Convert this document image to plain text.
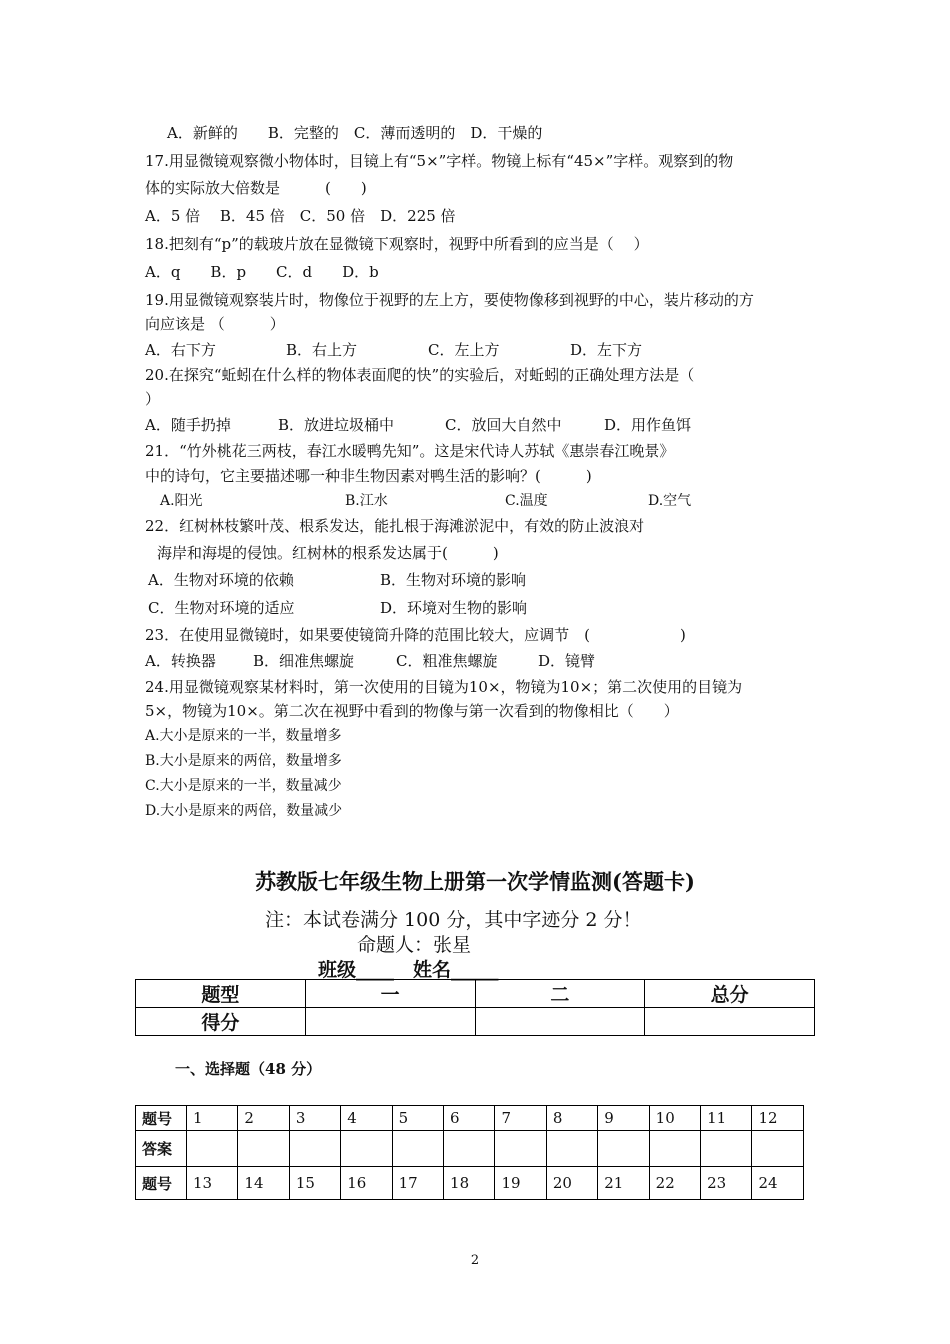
A．新鲜的　　B．完整的　C．薄而透明的　D．干燥的
17.用显微镜观察微小物体时，目镜上有“5×”字样。物镜上标有“45×”字样。观察到的物
体的实际放大倍数是　　　(　　)
A．5 倍　 B．45 倍　C．50 倍　D．225 倍
18.把刻有“p”的载玻片放在显微镜下观察时，视野中所看到的应当是（　 ）
A．q　　B．p　　C．d　　D．b
19.用显微镜观察装片时，物像位于视野的左上方，要使物像移到视野的中心，装片移动的方
向应该是 （　　　）
A．右下方	B．右上方	C．左上方	D．左下方
20.在探究“蚯蚓在什么样的物体表面爬的快”的实验后，对蚯蚓的正确处理方法是（
）
A．随手扔掉	B．放进垃圾桶中	C．放回大自然中	D．用作鱼饵
21．“竹外桃花三两枝，春江水暖鸭先知”。这是宋代诗人苏轼《惠崇春江晚景》
中的诗句，它主要描述哪一种非生物因素对鸭生活的影响？(　　　)
A.阳光	B.江水	C.温度	D.空气
22．红树林枝繁叶茂、根系发达，能扎根于海滩淤泥中，有效的防止波浪对
海岸和海堤的侵蚀。红树林的根系发达属于(　　　)
A．生物对环境的依赖	B．生物对环境的影响
C．生物对环境的适应	D．环境对生物的影响
23．在使用显微镜时，如果要使镜筒升降的范围比较大，应调节　(　　　　　　)
A．转换器 B．细准焦螺旋	C．粗准焦螺旋	D．镜臂
24.用显微镜观察某材料时，第一次使用的目镜为10×，物镜为10×；第二次使用的目镜为
5×，物镜为10×。第二次在视野中看到的物像与第一次看到的物像相比（　　）
A.大小是原来的一半，数量增多
B.大小是原来的两倍，数量增多
C.大小是原来的一半，数量减少
D.大小是原来的两倍，数量减少
苏教版七年级生物上册第一次学情监测(答题卡)
注：本试卷满分 100 分，其中字迹分 2 分！
命题人：张星
班级____　姓名_____
题型	一	二	总分
得分			
一、选择题（48 分）
题号	1	2	3	4	5	6	7	8	9	10	11	12
答案												
题号	13	14	15	16	17	18	19	20	21	22	23	24
2
